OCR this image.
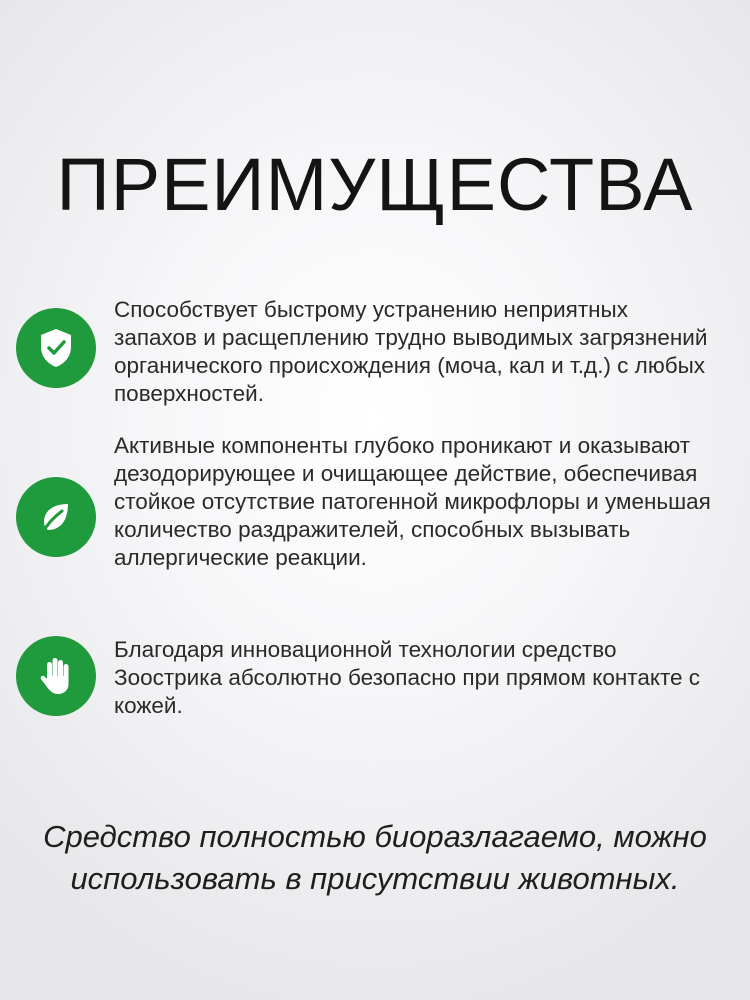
ПРЕИМУЩЕСТВА

Способствует быстрому устранению неприятных запахов и расщеплению трудно выводимых загрязнений органического происхождения (моча, кал и т.д.) с любых поверхностей.

Активные компоненты глубоко проникают и оказывают дезодорирующее и очищающее действие, обеспечивая стойкое отсутствие патогенной микрофлоры и уменьшая количество раздражителей, способных вызывать аллергические реакции.

Благодаря инновационной технологии средство Зоострика абсолютно безопасно при прямом контакте с кожей.

Средство полностью биоразлагаемо, можно использовать в присутствии животных.
